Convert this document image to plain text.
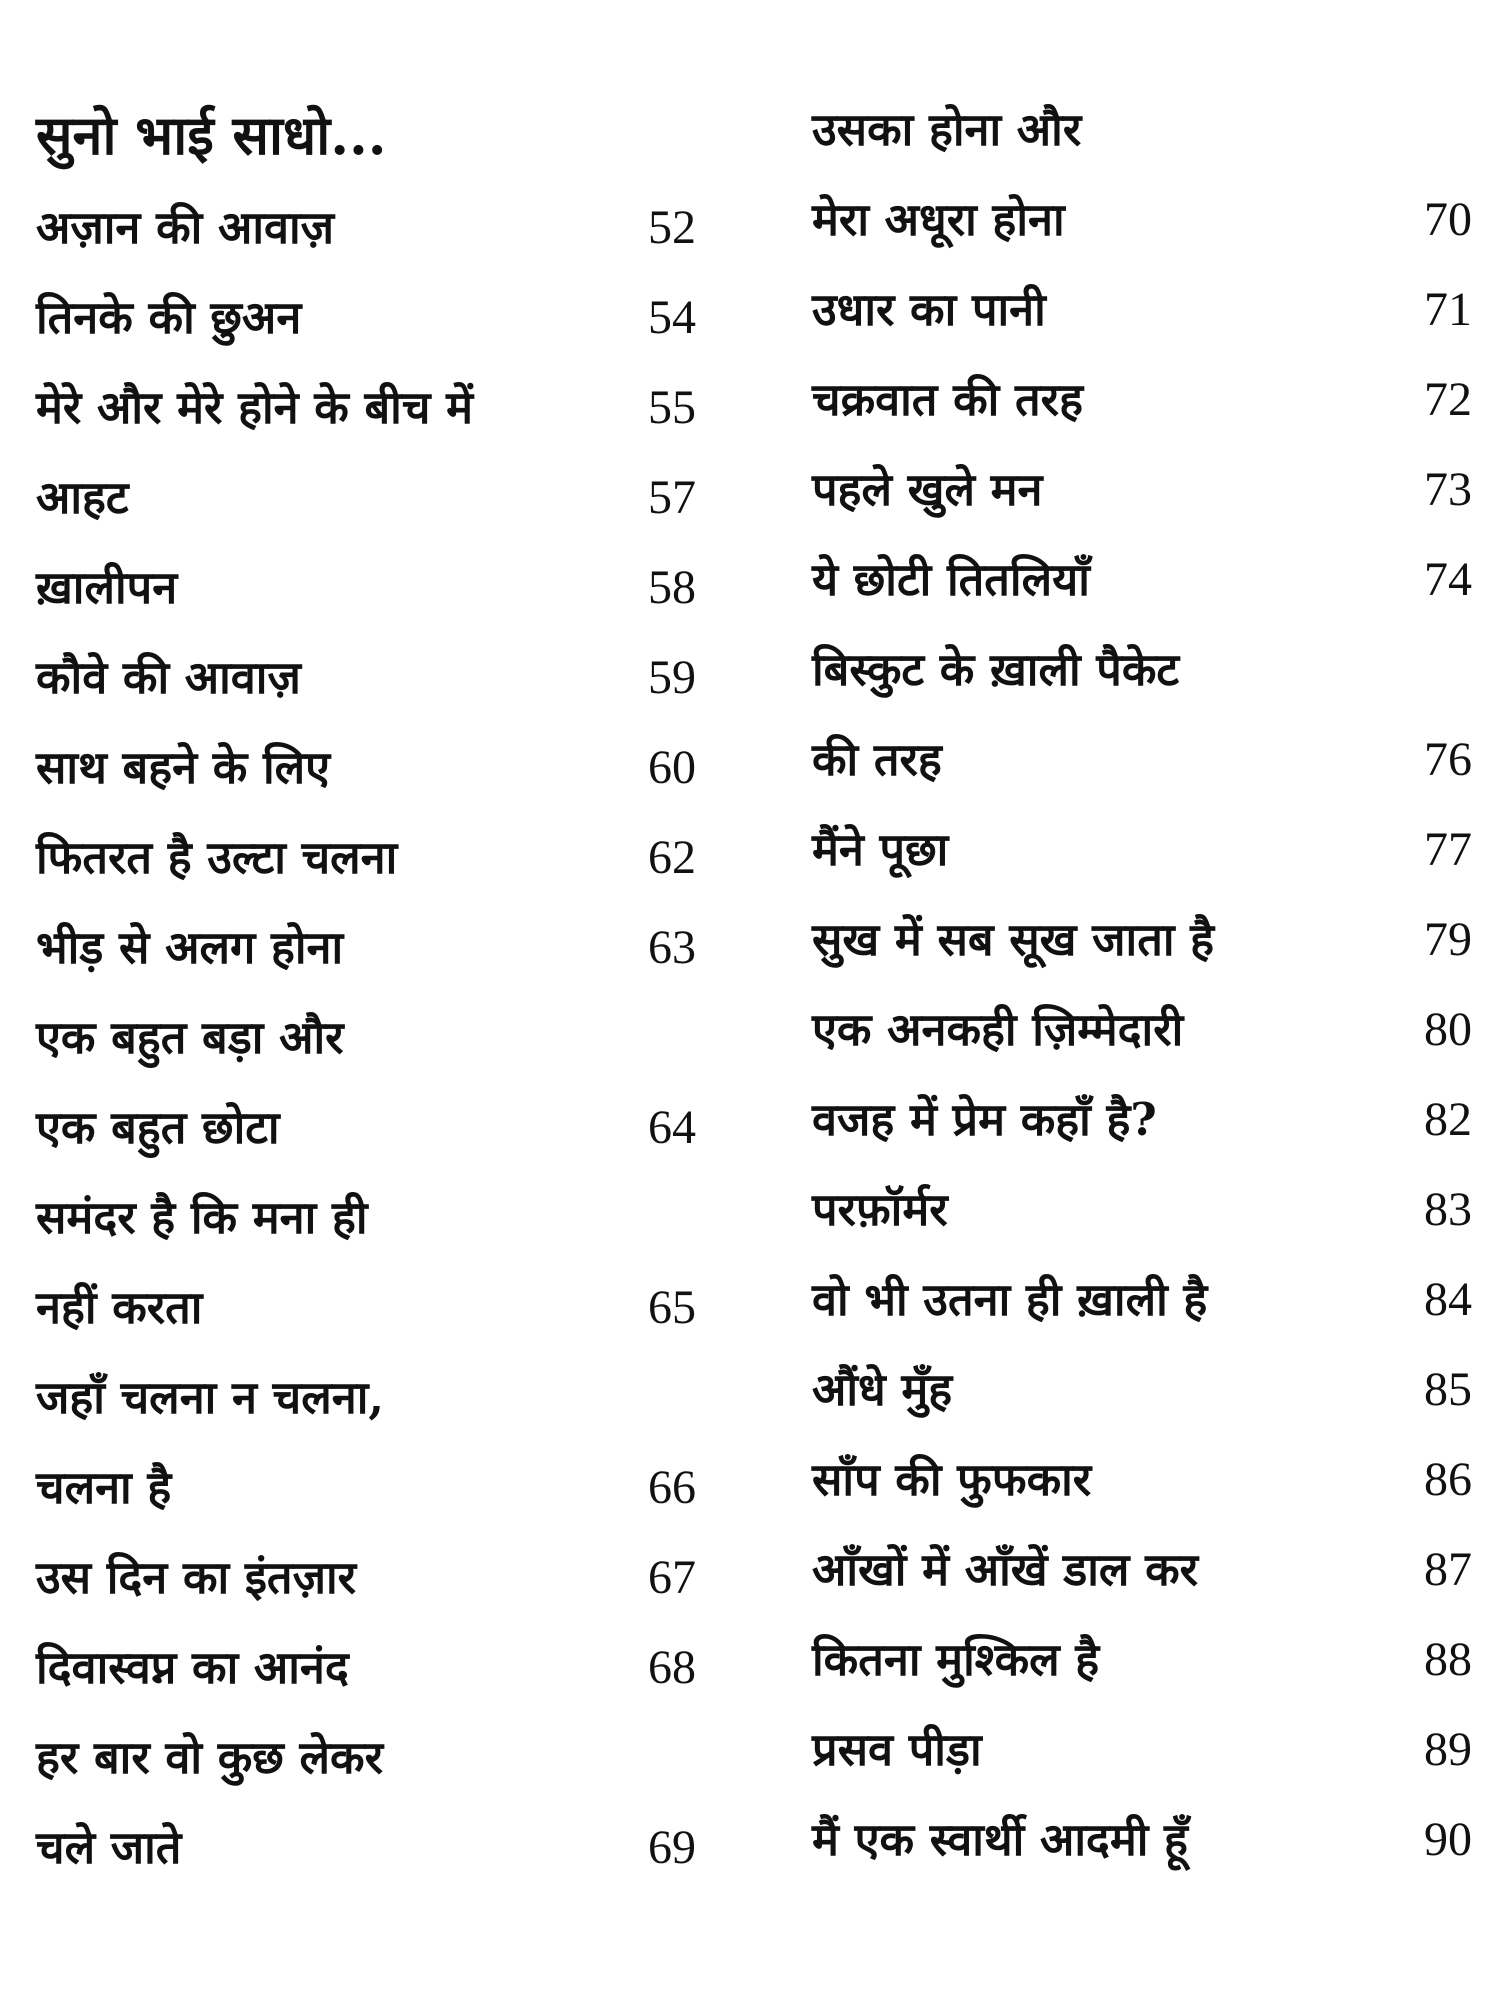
सुनो भाई साधो...
अज़ान की आवाज़	52
तिनके की छुअन	54
मेरे और मेरे होने के बीच में	55
आहट	57
ख़ालीपन	58
कौवे की आवाज़	59
साथ बहने के लिए	60
फितरत है उल्टा चलना	62
भीड़ से अलग होना	63
एक बहुत बड़ा और
एक बहुत छोटा	64
समंदर है कि मना ही
नहीं करता	65
जहाँ चलना न चलना,
चलना है	66
उस दिन का इंतज़ार	67
दिवास्वप्न का आनंद	68
हर बार वो कुछ लेकर
चले जाते	69
उसका होना और
मेरा अधूरा होना	70
उधार का पानी	71
चक्रवात की तरह	72
पहले खुले मन	73
ये छोटी तितलियाँ	74
बिस्कुट के ख़ाली पैकेट
की तरह	76
मैंने पूछा	77
सुख में सब सूख जाता है	79
एक अनकही ज़िम्मेदारी	80
वजह में प्रेम कहाँ है?	82
परफ़ॉर्मर	83
वो भी उतना ही ख़ाली है	84
औंधे मुँह	85
साँप की फुफकार	86
आँखों में आँखें डाल कर	87
कितना मुश्किल है	88
प्रसव पीड़ा	89
मैं एक स्वार्थी आदमी हूँ	90
